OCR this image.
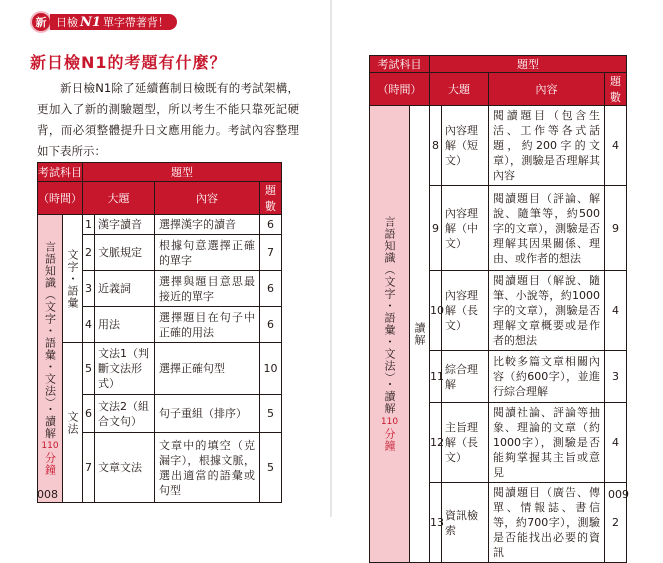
新 日檢 N1 單字帶著背！
新日檢N1的考題有什麼？
新日檢N1除了延續舊制日檢既有的考試架構，更加入了新的測驗題型，所以考生不能只靠死記硬背，而必須整體提升日文應用能力。考試內容整理如下表所示：
考試科目		題型			
（時間）		大題		內容	題數

言語知識（文字・語彙・文法）・讀解
110
分鐘	文字・語彙	1	漢字讀音	選擇漢字的讀音	6
		2	文脈規定	根據句意選擇正確的單字	7
		3	近義詞	選擇與題目意思最接近的單字	6
		4	用法	選擇題目在句子中正確的用法	6

	文法	5	文法1（判斷文法形式）	選擇正確句型	10
		6	文法2（組合文句）	句子重組（排序）	5
		7	文章文法	文章中的填空（克漏字），根據文脈，選出適當的語彙或句型	5
008
考試科目		題型			
（時間）		大題		內容	題數

言語知識（文字・語彙・文法）・讀解
110
分鐘	讀解	8	內容理解（短文）	閱讀題目（包含生活、工作等各式話題，約200字的文章），測驗是否理解其內容	4
		9	內容理解（中文）	閱讀題目（評論、解說、隨筆等，約500字的文章），測驗是否理解其因果關係、理由、或作者的想法	9
		10	內容理解（長文）	閱讀題目（解說、隨筆、小說等，約1000字的文章），測驗是否理解文章概要或是作者的想法	4
		11	綜合理解	比較多篇文章相關內容（約600字），並進行綜合理解	3
		12	主旨理解（長文）	閱讀社論、評論等抽象、理論的文章（約1000字），測驗是否能夠掌握其主旨或意見	4
		13	資訊檢索	閱讀題目（廣告、傳單、情報誌、書信等，約700字），測驗是否能找出必要的資訊	2
009
